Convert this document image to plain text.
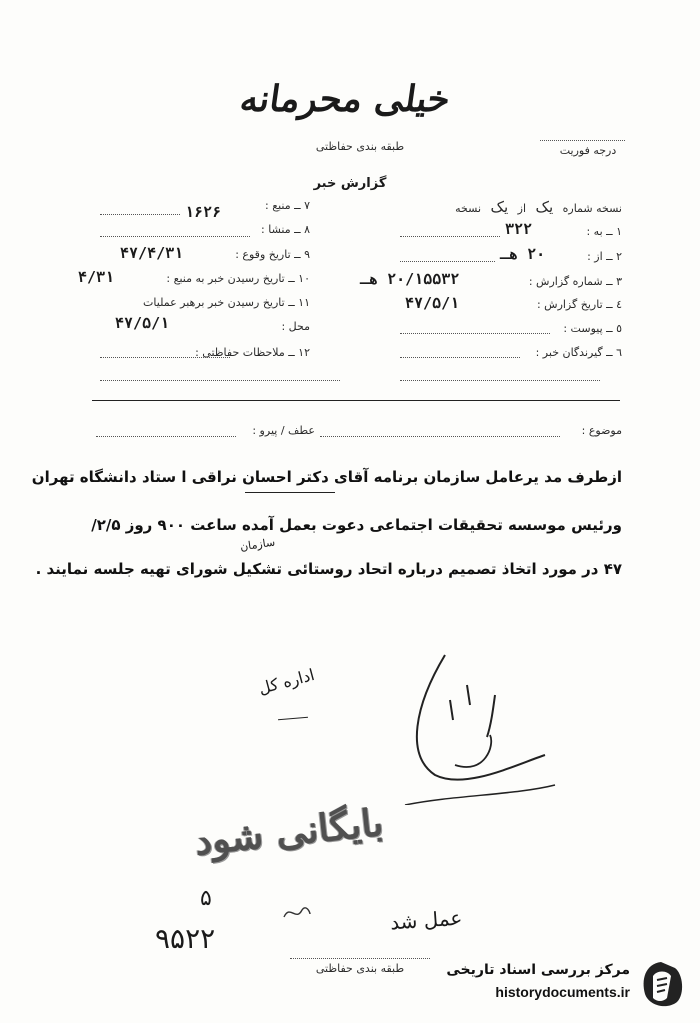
خیلی محرمانه
طبقه بندی حفاظتی	درجه فوریت
گزارش خبر
نسخه شماره یک از یک نسخه
۱ ــ به :
۳۲۲
۲ ــ از :
۲۰ هـ
۳ ــ شماره گزارش :
۲۰/۱۵۵۳۲ هـ
٤ ــ تاریخ گزارش :
۴۷/۵/۱
٥ ــ پیوست :
٦ ــ گیرندگان خبر :
۷ ــ منبع :
۱۶۲۶
۸ ــ منشا :
۹ ــ تاریخ وقوع :
۴۷/۴/۳۱
۱۰ ــ تاریخ رسیدن خبر به منبع :
۴/۳۱
۱۱ ــ تاریخ رسیدن خبر برهبر عملیات
محل :
۴۷/۵/۱
۱۲ ــ ملاحظات حفاظتی :
موضوع :
عطف / پیرو :
ازطرف مد یرعامل سازمان برنامه آقای دکتر احسان نراقی ا ستاد دانشگاه تهران
ورئیس موسسه تحقیقات اجتماعی دعوت بعمل آمده ساعت ۹۰۰ روز ۲/۵/
۴۷ در مورد اتخاذ تصمیم درباره اتحاد روستائی تشکیل شورای تهیه جلسه نمایند .
سازمان
اداره کل
بایگانی شود
۵
۹۵۲۲
عمل شد
طبقه بندی حفاظتی	مرکز بررسی اسناد تاریخی
historydocuments.ir
